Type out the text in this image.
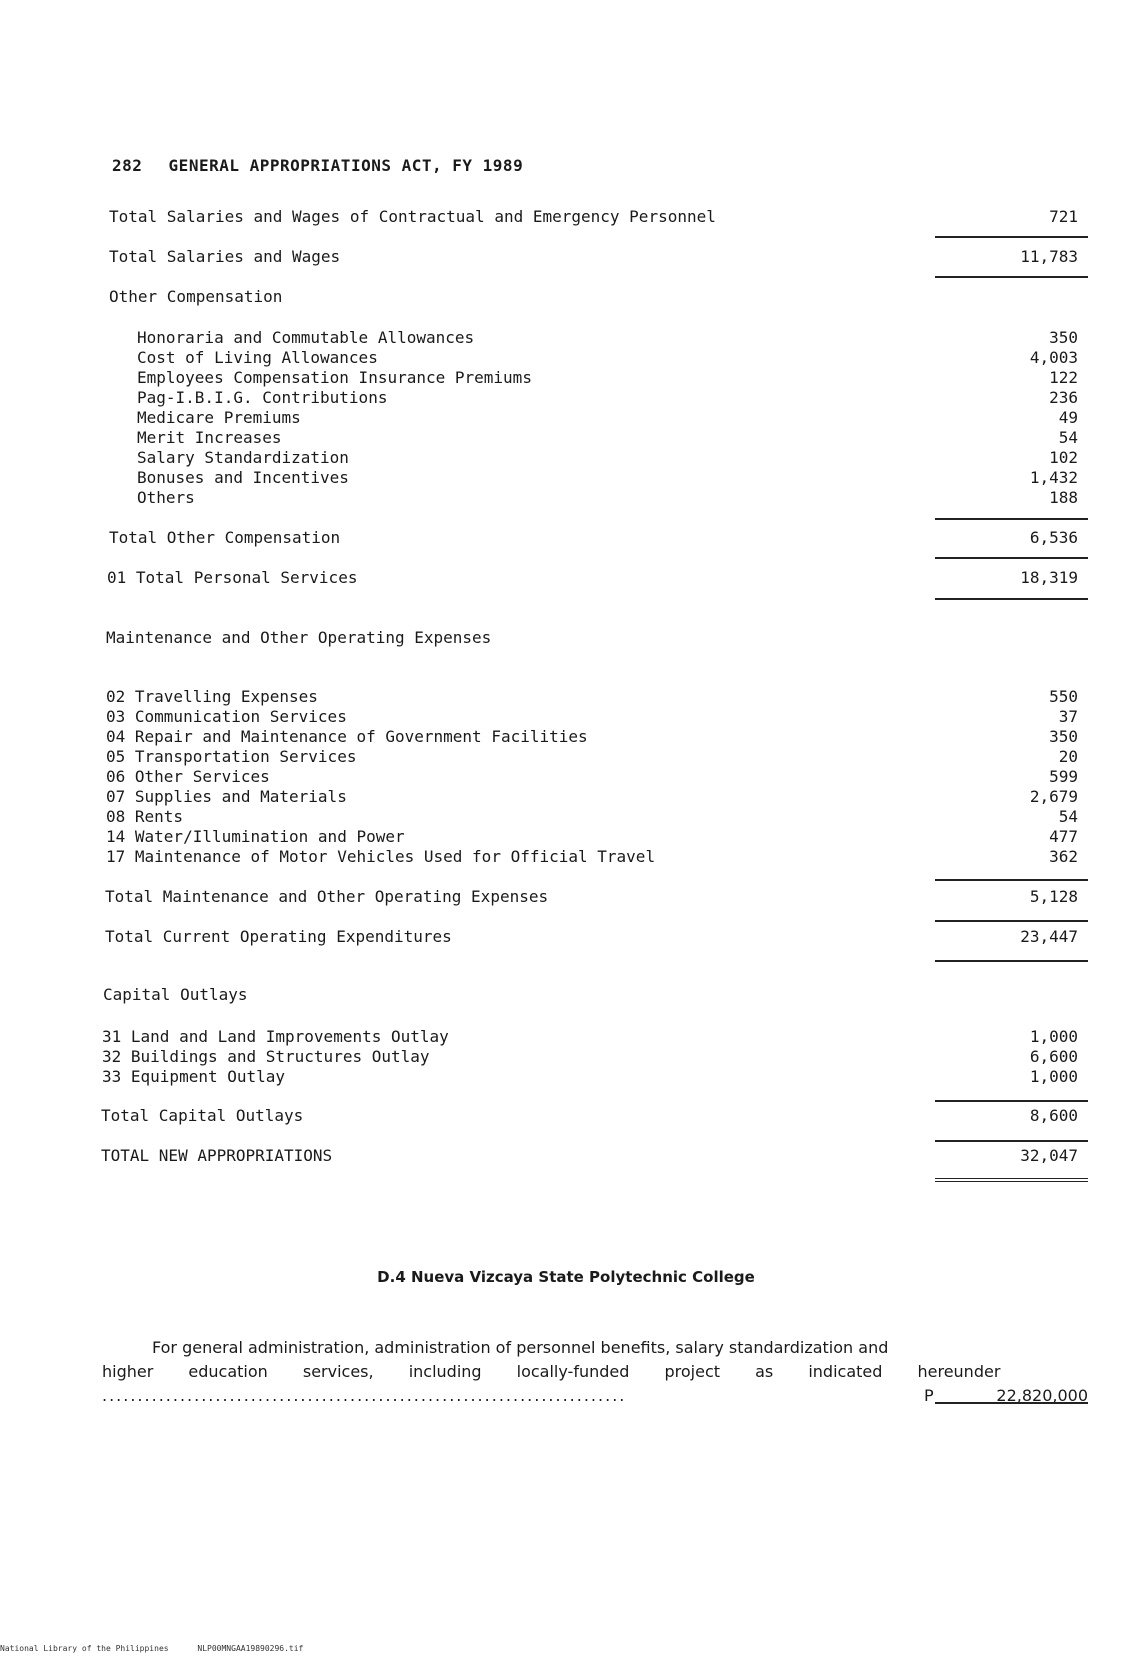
282 GENERAL APPROPRIATIONS ACT, FY 1989
Total Salaries and Wages of Contractual and Emergency Personnel	721
Total Salaries and Wages	11,783
Other Compensation
Honoraria and Commutable Allowances	350
Cost of Living Allowances	4,003
Employees Compensation Insurance Premiums	122
Pag-I.B.I.G. Contributions	236
Medicare Premiums	49
Merit Increases	54
Salary Standardization	102
Bonuses and Incentives	1,432
Others	188
Total Other Compensation	6,536
01 Total Personal Services	18,319
Maintenance and Other Operating Expenses
02 Travelling Expenses	550
03 Communication Services	37
04 Repair and Maintenance of Government Facilities	350
05 Transportation Services	20
06 Other Services	599
07 Supplies and Materials	2,679
08 Rents	54
14 Water/Illumination and Power	477
17 Maintenance of Motor Vehicles Used for Official Travel	362
Total Maintenance and Other Operating Expenses	5,128
Total Current Operating Expenditures	23,447
Capital Outlays
31 Land and Land Improvements Outlay	1,000
32 Buildings and Structures Outlay	6,600
33 Equipment Outlay	1,000
Total Capital Outlays	8,600
TOTAL NEW APPROPRIATIONS	32,047
D.4 Nueva Vizcaya State Polytechnic College
For general administration, administration of personnel benefits, salary standardization and
higher education services, including locally-funded project as indicated hereunder
..........................................................................	P	22,820,000
National Library of the Philippines	NLP00MNGAA19890296.tif
